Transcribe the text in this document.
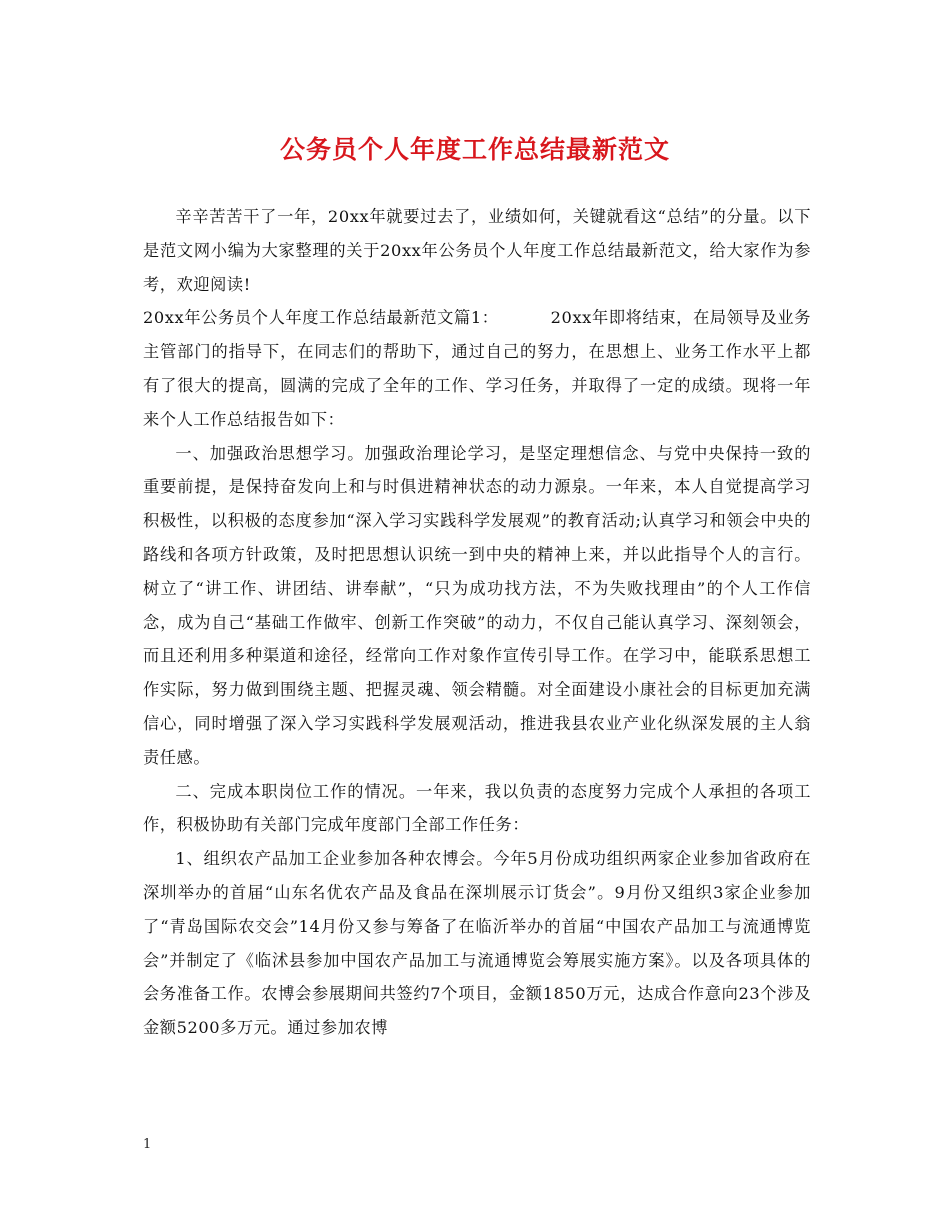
公务员个人年度工作总结最新范文

辛辛苦苦干了一年，20xx年就要过去了，业绩如何，关键就看这“总结”的分量。以下是范文网小编为大家整理的关于20xx年公务员个人年度工作总结最新范文，给大家作为参考，欢迎阅读!

20xx年公务员个人年度工作总结最新范文篇1：	20xx年即将结束，在局领导及业务主管部门的指导下，在同志们的帮助下，通过自己的努力，在思想上、业务工作水平上都有了很大的提高，圆满的完成了全年的工作、学习任务，并取得了一定的成绩。现将一年来个人工作总结报告如下：

一、加强政治思想学习。加强政治理论学习，是坚定理想信念、与党中央保持一致的重要前提，是保持奋发向上和与时俱进精神状态的动力源泉。一年来，本人自觉提高学习积极性，以积极的态度参加“深入学习实践科学发展观”的教育活动;认真学习和领会中央的路线和各项方针政策，及时把思想认识统一到中央的精神上来，并以此指导个人的言行。树立了“讲工作、讲团结、讲奉献”，“只为成功找方法，不为失败找理由”的个人工作信念，成为自己“基础工作做牢、创新工作突破”的动力，不仅自己能认真学习、深刻领会，而且还利用多种渠道和途径，经常向工作对象作宣传引导工作。在学习中，能联系思想工作实际，努力做到围绕主题、把握灵魂、领会精髓。对全面建设小康社会的目标更加充满信心，同时增强了深入学习实践科学发展观活动，推进我县农业产业化纵深发展的主人翁责任感。

二、完成本职岗位工作的情况。一年来，我以负责的态度努力完成个人承担的各项工作，积极协助有关部门完成年度部门全部工作任务：

1、组织农产品加工企业参加各种农博会。今年5月份成功组织两家企业参加省政府在深圳举办的首届“山东名优农产品及食品在深圳展示订货会”。9月份又组织3家企业参加了“青岛国际农交会”14月份又参与筹备了在临沂举办的首届“中国农产品加工与流通博览会”并制定了《临沭县参加中国农产品加工与流通博览会筹展实施方案》。以及各项具体的会务准备工作。农博会参展期间共签约7个项目，金额1850万元，达成合作意向23个涉及金额5200多万元。通过参加农博

1
